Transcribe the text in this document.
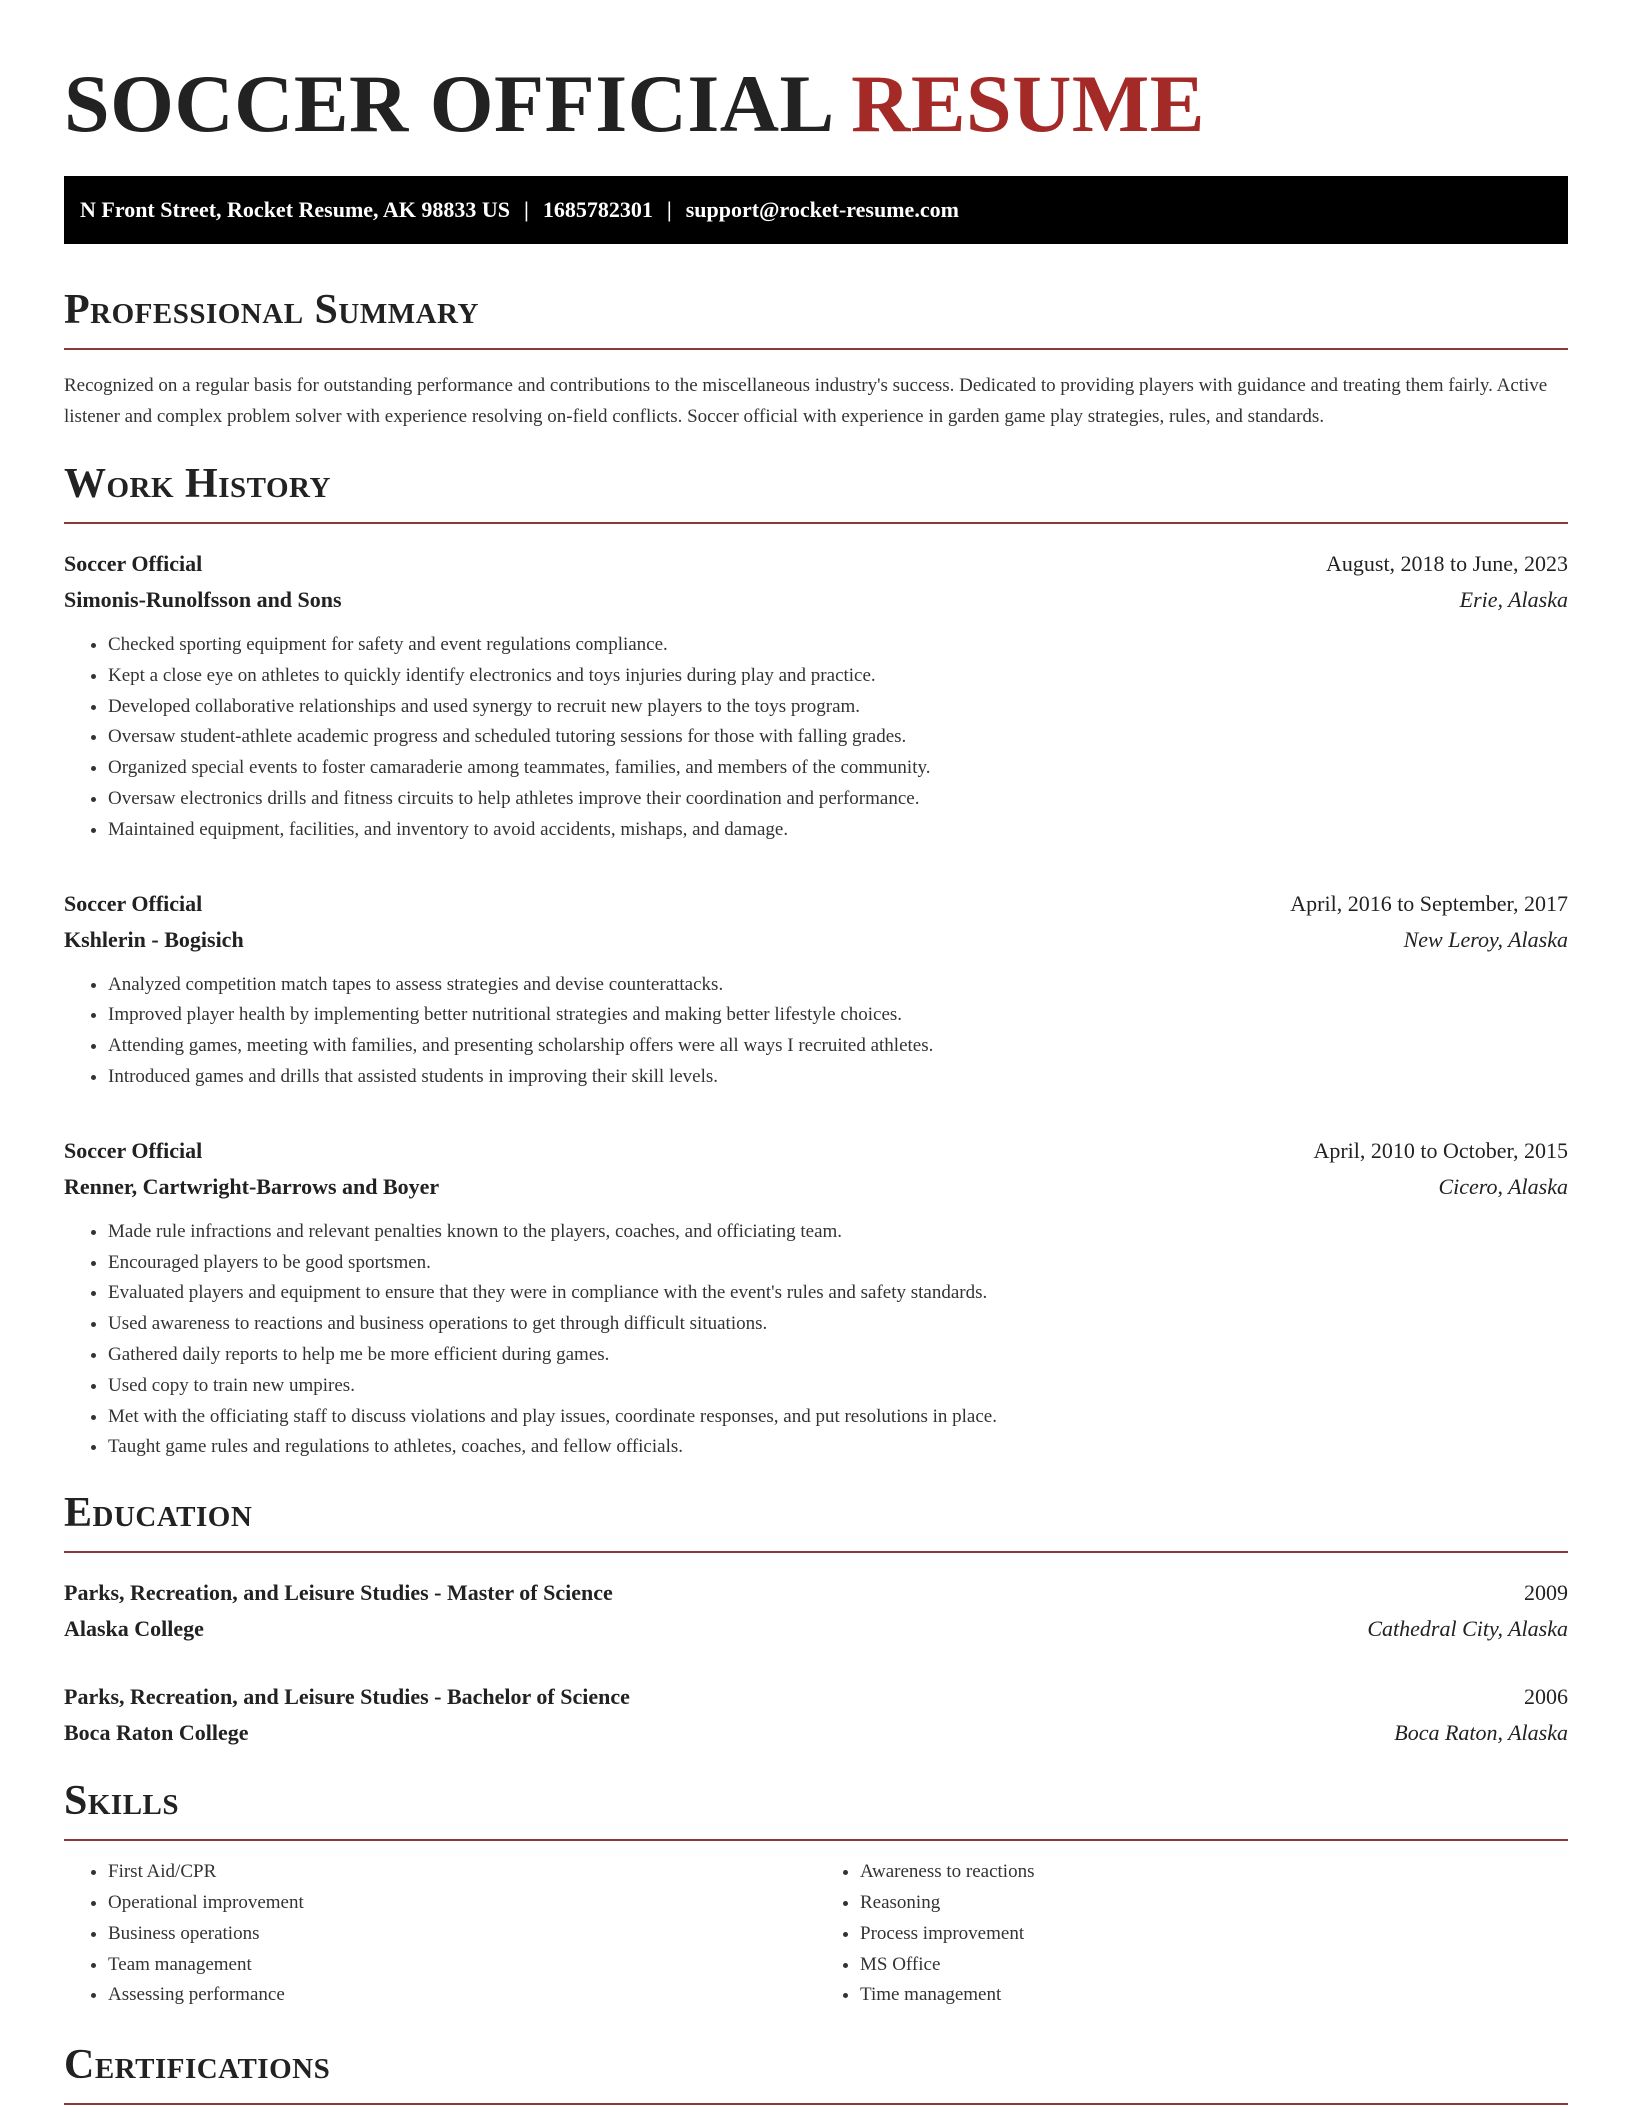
SOCCER OFFICIAL RESUME
N Front Street, Rocket Resume, AK 98833 US | 1685782301 | support@rocket-resume.com
Professional Summary

Recognized on a regular basis for outstanding performance and contributions to the miscellaneous industry's success. Dedicated to providing players with guidance and treating them fairly. Active listener and complex problem solver with experience resolving on-field conflicts. Soccer official with experience in garden game play strategies, rules, and standards.

Work History
Soccer Official	August, 2018 to June, 2023
Simonis-Runolfsson and Sons	Erie, Alaska
• Checked sporting equipment for safety and event regulations compliance.
• Kept a close eye on athletes to quickly identify electronics and toys injuries during play and practice.
• Developed collaborative relationships and used synergy to recruit new players to the toys program.
• Oversaw student-athlete academic progress and scheduled tutoring sessions for those with falling grades.
• Organized special events to foster camaraderie among teammates, families, and members of the community.
• Oversaw electronics drills and fitness circuits to help athletes improve their coordination and performance.
• Maintained equipment, facilities, and inventory to avoid accidents, mishaps, and damage.
Soccer Official	April, 2016 to September, 2017
Kshlerin - Bogisich	New Leroy, Alaska
• Analyzed competition match tapes to assess strategies and devise counterattacks.
• Improved player health by implementing better nutritional strategies and making better lifestyle choices.
• Attending games, meeting with families, and presenting scholarship offers were all ways I recruited athletes.
• Introduced games and drills that assisted students in improving their skill levels.
Soccer Official	April, 2010 to October, 2015
Renner, Cartwright-Barrows and Boyer	Cicero, Alaska
• Made rule infractions and relevant penalties known to the players, coaches, and officiating team.
• Encouraged players to be good sportsmen.
• Evaluated players and equipment to ensure that they were in compliance with the event's rules and safety standards.
• Used awareness to reactions and business operations to get through difficult situations.
• Gathered daily reports to help me be more efficient during games.
• Used copy to train new umpires.
• Met with the officiating staff to discuss violations and play issues, coordinate responses, and put resolutions in place.
• Taught game rules and regulations to athletes, coaches, and fellow officials.
Education
Parks, Recreation, and Leisure Studies - Master of Science	2009
Alaska College	Cathedral City, Alaska
Parks, Recreation, and Leisure Studies - Bachelor of Science	2006
Boca Raton College	Boca Raton, Alaska
Skills
• First Aid/CPR
• Operational improvement
• Business operations
• Team management
• Assessing performance
• Awareness to reactions
• Reasoning
• Process improvement
• MS Office
• Time management
Certifications
